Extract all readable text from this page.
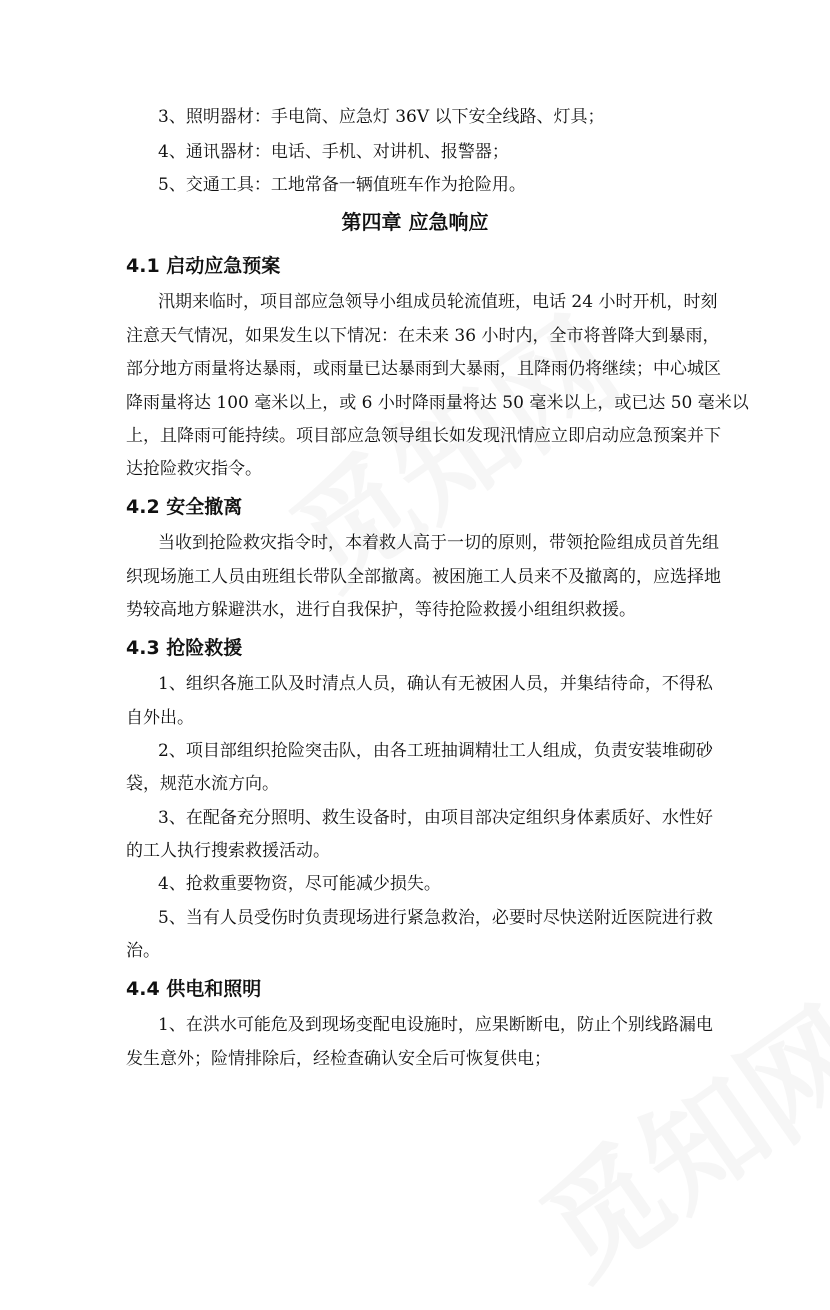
3、照明器材：手电筒、应急灯 36V 以下安全线路、灯具；
4、通讯器材：电话、手机、对讲机、报警器；
5、交通工具：工地常备一辆值班车作为抢险用。
第四章 应急响应
4.1 启动应急预案
汛期来临时，项目部应急领导小组成员轮流值班，电话 24 小时开机，时刻
注意天气情况，如果发生以下情况：在未来 36 小时内，全市将普降大到暴雨，
部分地方雨量将达暴雨，或雨量已达暴雨到大暴雨，且降雨仍将继续；中心城区
降雨量将达 100 毫米以上，或 6 小时降雨量将达 50 毫米以上，或已达 50 毫米以
上，且降雨可能持续。项目部应急领导组长如发现汛情应立即启动应急预案并下
达抢险救灾指令。
4.2 安全撤离
当收到抢险救灾指令时，本着救人高于一切的原则，带领抢险组成员首先组
织现场施工人员由班组长带队全部撤离。被困施工人员来不及撤离的，应选择地
势较高地方躲避洪水，进行自我保护，等待抢险救援小组组织救援。
4.3 抢险救援
1、组织各施工队及时清点人员，确认有无被困人员，并集结待命，不得私
自外出。
2、项目部组织抢险突击队，由各工班抽调精壮工人组成，负责安装堆砌砂
袋，规范水流方向。
3、在配备充分照明、救生设备时，由项目部决定组织身体素质好、水性好
的工人执行搜索救援活动。
4、抢救重要物资，尽可能减少损失。
5、当有人员受伤时负责现场进行紧急救治，必要时尽快送附近医院进行救
治。
4.4 供电和照明
1、在洪水可能危及到现场变配电设施时，应果断断电，防止个别线路漏电
发生意外；险情排除后，经检查确认安全后可恢复供电；
